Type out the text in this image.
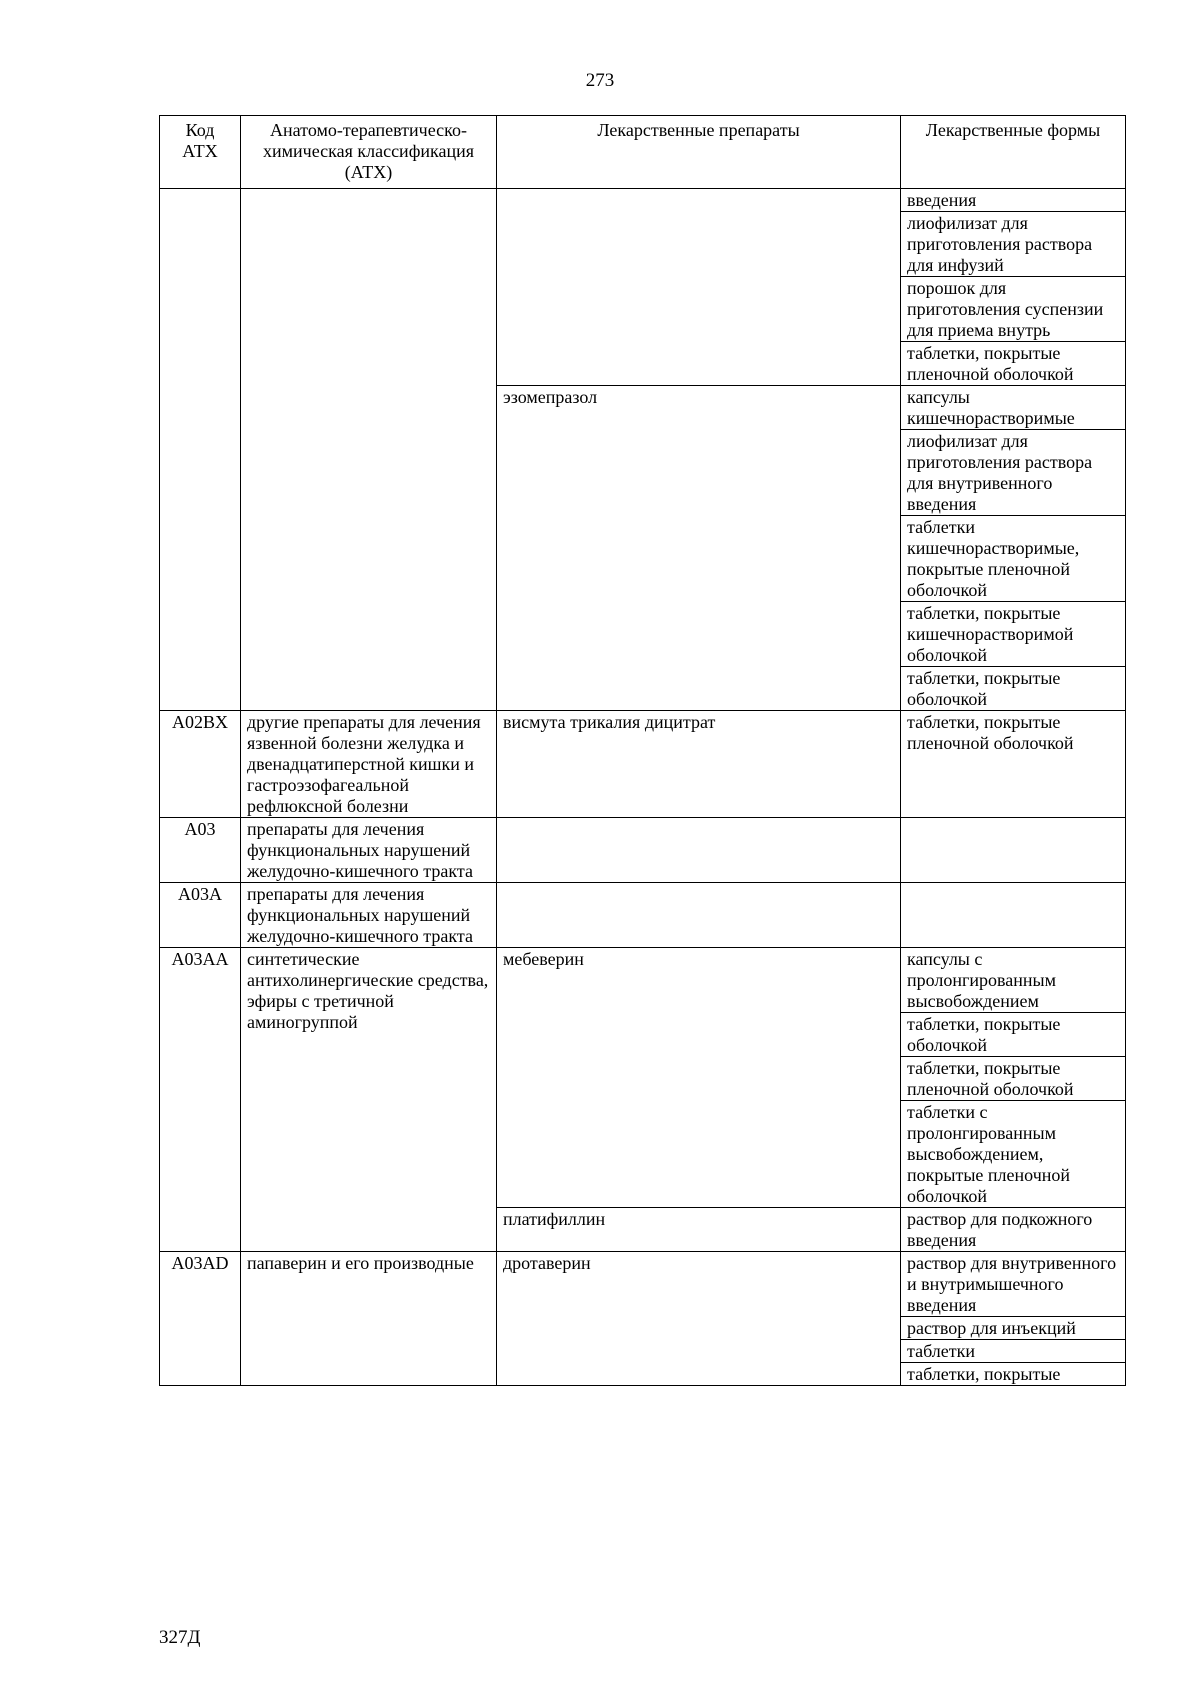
273
Код АТХ	Анатомо-терапевтическо-химическая классификация (АТХ)	Лекарственные препараты	Лекарственные формы
			введения
			лиофилизат для приготовления раствора для инфузий
			порошок для приготовления суспензии для приема внутрь
			таблетки, покрытые пленочной оболочкой
		эзомепразол	капсулы кишечнорастворимые
			лиофилизат для приготовления раствора для внутривенного введения
			таблетки кишечнорастворимые, покрытые пленочной оболочкой
			таблетки, покрытые кишечнорастворимой оболочкой
			таблетки, покрытые оболочкой
A02BX	другие препараты для лечения язвенной болезни желудка и двенадцатиперстной кишки и гастроэзофагеальной рефлюксной болезни	висмута трикалия дицитрат	таблетки, покрытые пленочной оболочкой
A03	препараты для лечения функциональных нарушений желудочно-кишечного тракта		
A03A	препараты для лечения функциональных нарушений желудочно-кишечного тракта		
A03AA	синтетические антихолинергические средства, эфиры с третичной аминогруппой	мебеверин	капсулы с пролонгированным высвобождением
			таблетки, покрытые оболочкой
			таблетки, покрытые пленочной оболочкой
			таблетки с пролонгированным высвобождением, покрытые пленочной оболочкой
		платифиллин	раствор для подкожного введения
A03AD	папаверин и его производные	дротаверин	раствор для внутривенного и внутримышечного введения
			раствор для инъекций
			таблетки
			таблетки, покрытые
327Д
